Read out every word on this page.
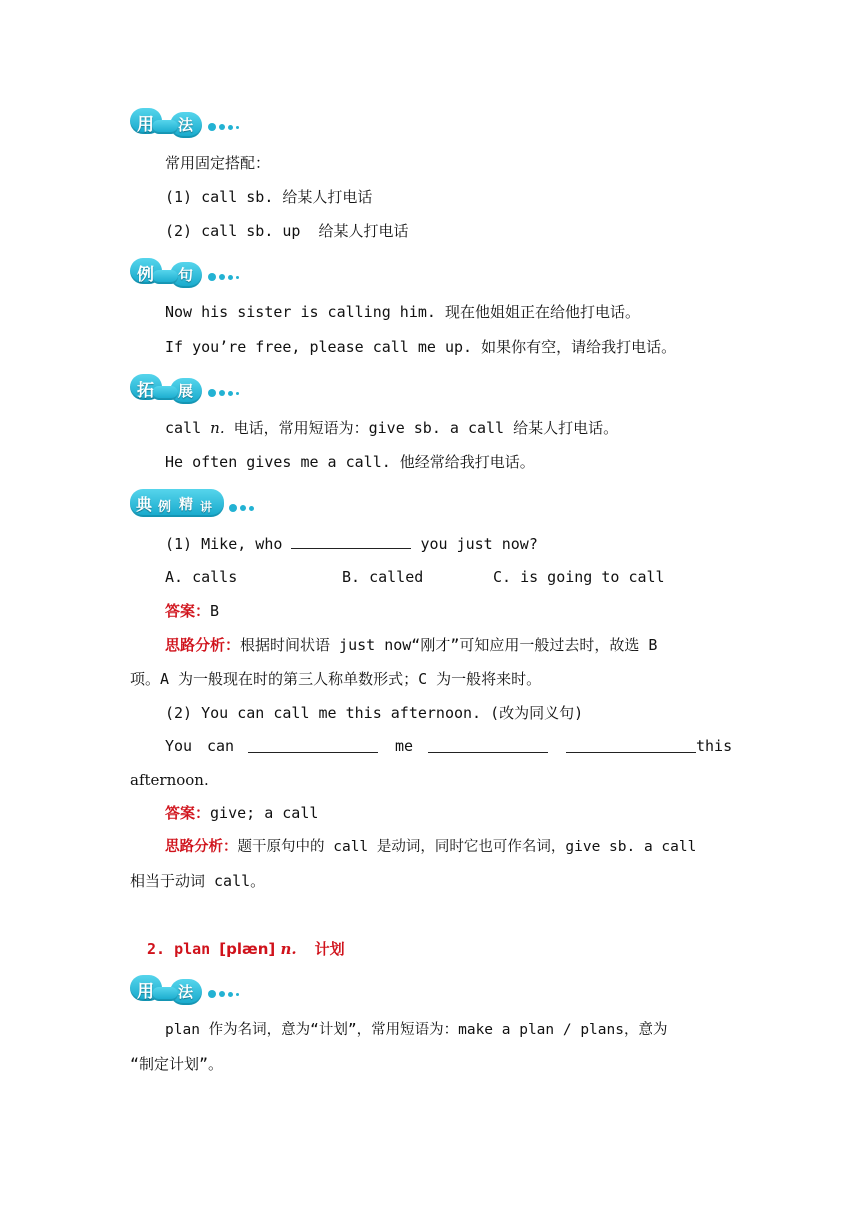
用 法
常用固定搭配：
(1) call sb. 给某人打电话
(2) call sb. up  给某人打电话
例 句
Now his sister is calling him. 现在他姐姐正在给他打电话。
If you’re free, please call me up. 如果你有空，请给我打电话。
拓 展
call n. 电话，常用短语为：give sb. a call 给某人打电话。
He often gives me a call. 他经常给我打电话。
典 例 精 讲
(1) Mike, who	you just now?
A. calls	B. called	C. is going to call
答案：B
思路分析：根据时间状语 just now“刚才”可知应用一般过去时，故选 B
项。A 为一般现在时的第三人称单数形式；C 为一般将来时。
(2) You can call me this afternoon. (改为同义句)
You can	me	this
afternoon.
答案：give; a call
思路分析：题干原句中的 call 是动词，同时它也可作名词，give sb. a call
相当于动词 call。
2. plan [plæn] n.  计划
用 法
plan 作为名词，意为“计划”，常用短语为：make a plan / plans，意为
“制定计划”。
